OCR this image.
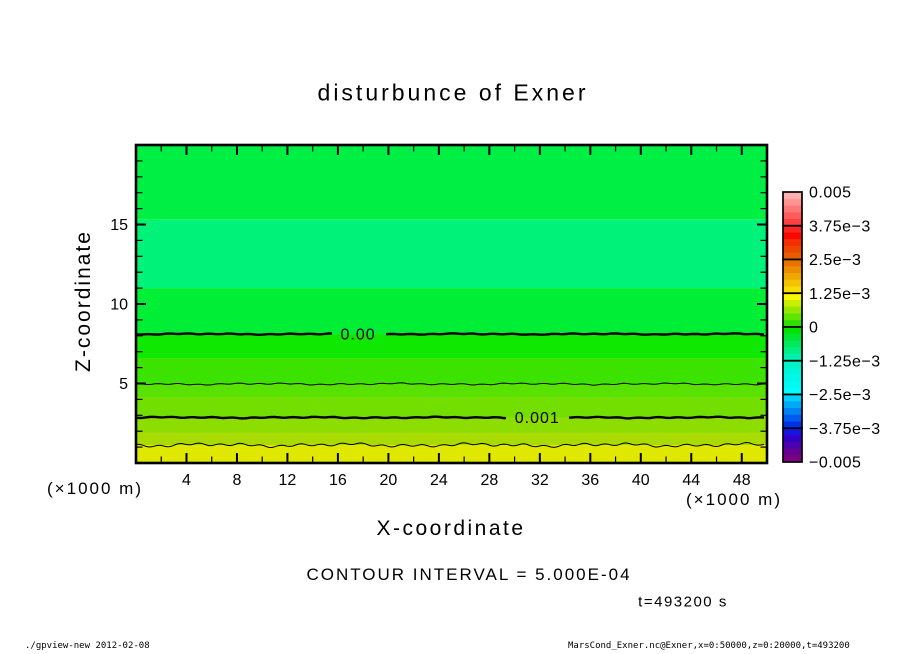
disturbunce of Exner
Z-coordinate	0.00
0.001
4	8 12 16 20 24 28 32 36 40 44 48
5
10
15
0.005
3.75e−3
2.5e−3
1.25e−3
0
−1.25e−3
−2.5e−3
−3.75e−3
−0.005
(×1000 m)
(×1000 m)
X-coordinate
CONTOUR INTERVAL = 5.000E-04
t=493200 s
./gpview-new 2012-02-08	MarsCond_Exner.nc@Exner,x=0:50000,z=0:20000,t=493200
